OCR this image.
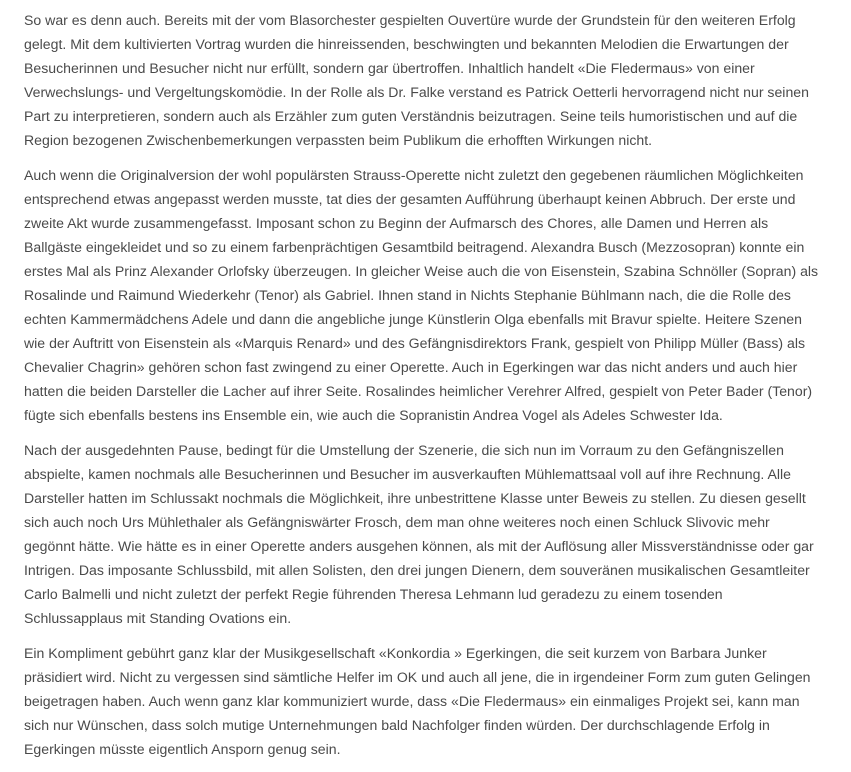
So war es denn auch. Bereits mit der vom Blasorchester gespielten Ouvertüre wurde der Grundstein für den weiteren Erfolg gelegt. Mit dem kultivierten Vortrag wurden die hinreissenden, beschwingten und bekannten Melodien die Erwartungen der Besucherinnen und Besucher nicht nur erfüllt, sondern gar übertroffen. Inhaltlich handelt «Die Fledermaus» von einer Verwechslungs- und Vergeltungskomödie. In der Rolle als Dr. Falke verstand es Patrick Oetterli hervorragend nicht nur seinen Part zu interpretieren, sondern auch als Erzähler zum guten Verständnis beizutragen. Seine teils humoristischen und auf die Region bezogenen Zwischenbemerkungen verpassten beim Publikum die erhofften Wirkungen nicht.

Auch wenn die Originalversion der wohl populärsten Strauss-Operette nicht zuletzt den gegebenen räumlichen Möglichkeiten entsprechend etwas angepasst werden musste, tat dies der gesamten Aufführung überhaupt keinen Abbruch. Der erste und zweite Akt wurde zusammengefasst. Imposant schon zu Beginn der Aufmarsch des Chores, alle Damen und Herren als Ballgäste eingekleidet und so zu einem farbenprächtigen Gesamtbild beitragend. Alexandra Busch (Mezzosopran) konnte ein erstes Mal als Prinz Alexander Orlofsky überzeugen. In gleicher Weise auch die von Eisenstein, Szabina Schnöller (Sopran) als Rosalinde und Raimund Wiederkehr (Tenor) als Gabriel. Ihnen stand in Nichts Stephanie Bühlmann nach, die die Rolle des echten Kammermädchens Adele und dann die angebliche junge Künstlerin Olga ebenfalls mit Bravur spielte. Heitere Szenen wie der Auftritt von Eisenstein als «Marquis Renard» und des Gefängnisdirektors Frank, gespielt von Philipp Müller (Bass) als Chevalier Chagrin» gehören schon fast zwingend zu einer Operette. Auch in Egerkingen war das nicht anders und auch hier hatten die beiden Darsteller die Lacher auf ihrer Seite. Rosalindes heimlicher Verehrer Alfred, gespielt von Peter Bader (Tenor) fügte sich ebenfalls bestens ins Ensemble ein, wie auch die Sopranistin Andrea Vogel als Adeles Schwester Ida.

Nach der ausgedehnten Pause, bedingt für die Umstellung der Szenerie, die sich nun im Vorraum zu den Gefängniszellen abspielte, kamen nochmals alle Besucherinnen und Besucher im ausverkauften Mühlemattsaal voll auf ihre Rechnung. Alle Darsteller hatten im Schlussakt nochmals die Möglichkeit, ihre unbestrittene Klasse unter Beweis zu stellen. Zu diesen gesellt sich auch noch Urs Mühlethaler als Gefängniswärter Frosch, dem man ohne weiteres noch einen Schluck Slivovic mehr gegönnt hätte. Wie hätte es in einer Operette anders ausgehen können, als mit der Auflösung aller Missverständnisse oder gar Intrigen. Das imposante Schlussbild, mit allen Solisten, den drei jungen Dienern, dem souveränen musikalischen Gesamtleiter Carlo Balmelli und nicht zuletzt der perfekt Regie führenden Theresa Lehmann lud geradezu zu einem tosenden Schlussapplaus mit Standing Ovations ein.

Ein Kompliment gebührt ganz klar der Musikgesellschaft «Konkordia » Egerkingen, die seit kurzem von Barbara Junker präsidiert wird. Nicht zu vergessen sind sämtliche Helfer im OK und auch all jene, die in irgendeiner Form zum guten Gelingen beigetragen haben. Auch wenn ganz klar kommuniziert wurde, dass «Die Fledermaus» ein einmaliges Projekt sei, kann man sich nur Wünschen, dass solch mutige Unternehmungen bald Nachfolger finden würden. Der durchschlagende Erfolg in Egerkingen müsste eigentlich Ansporn genug sein.
